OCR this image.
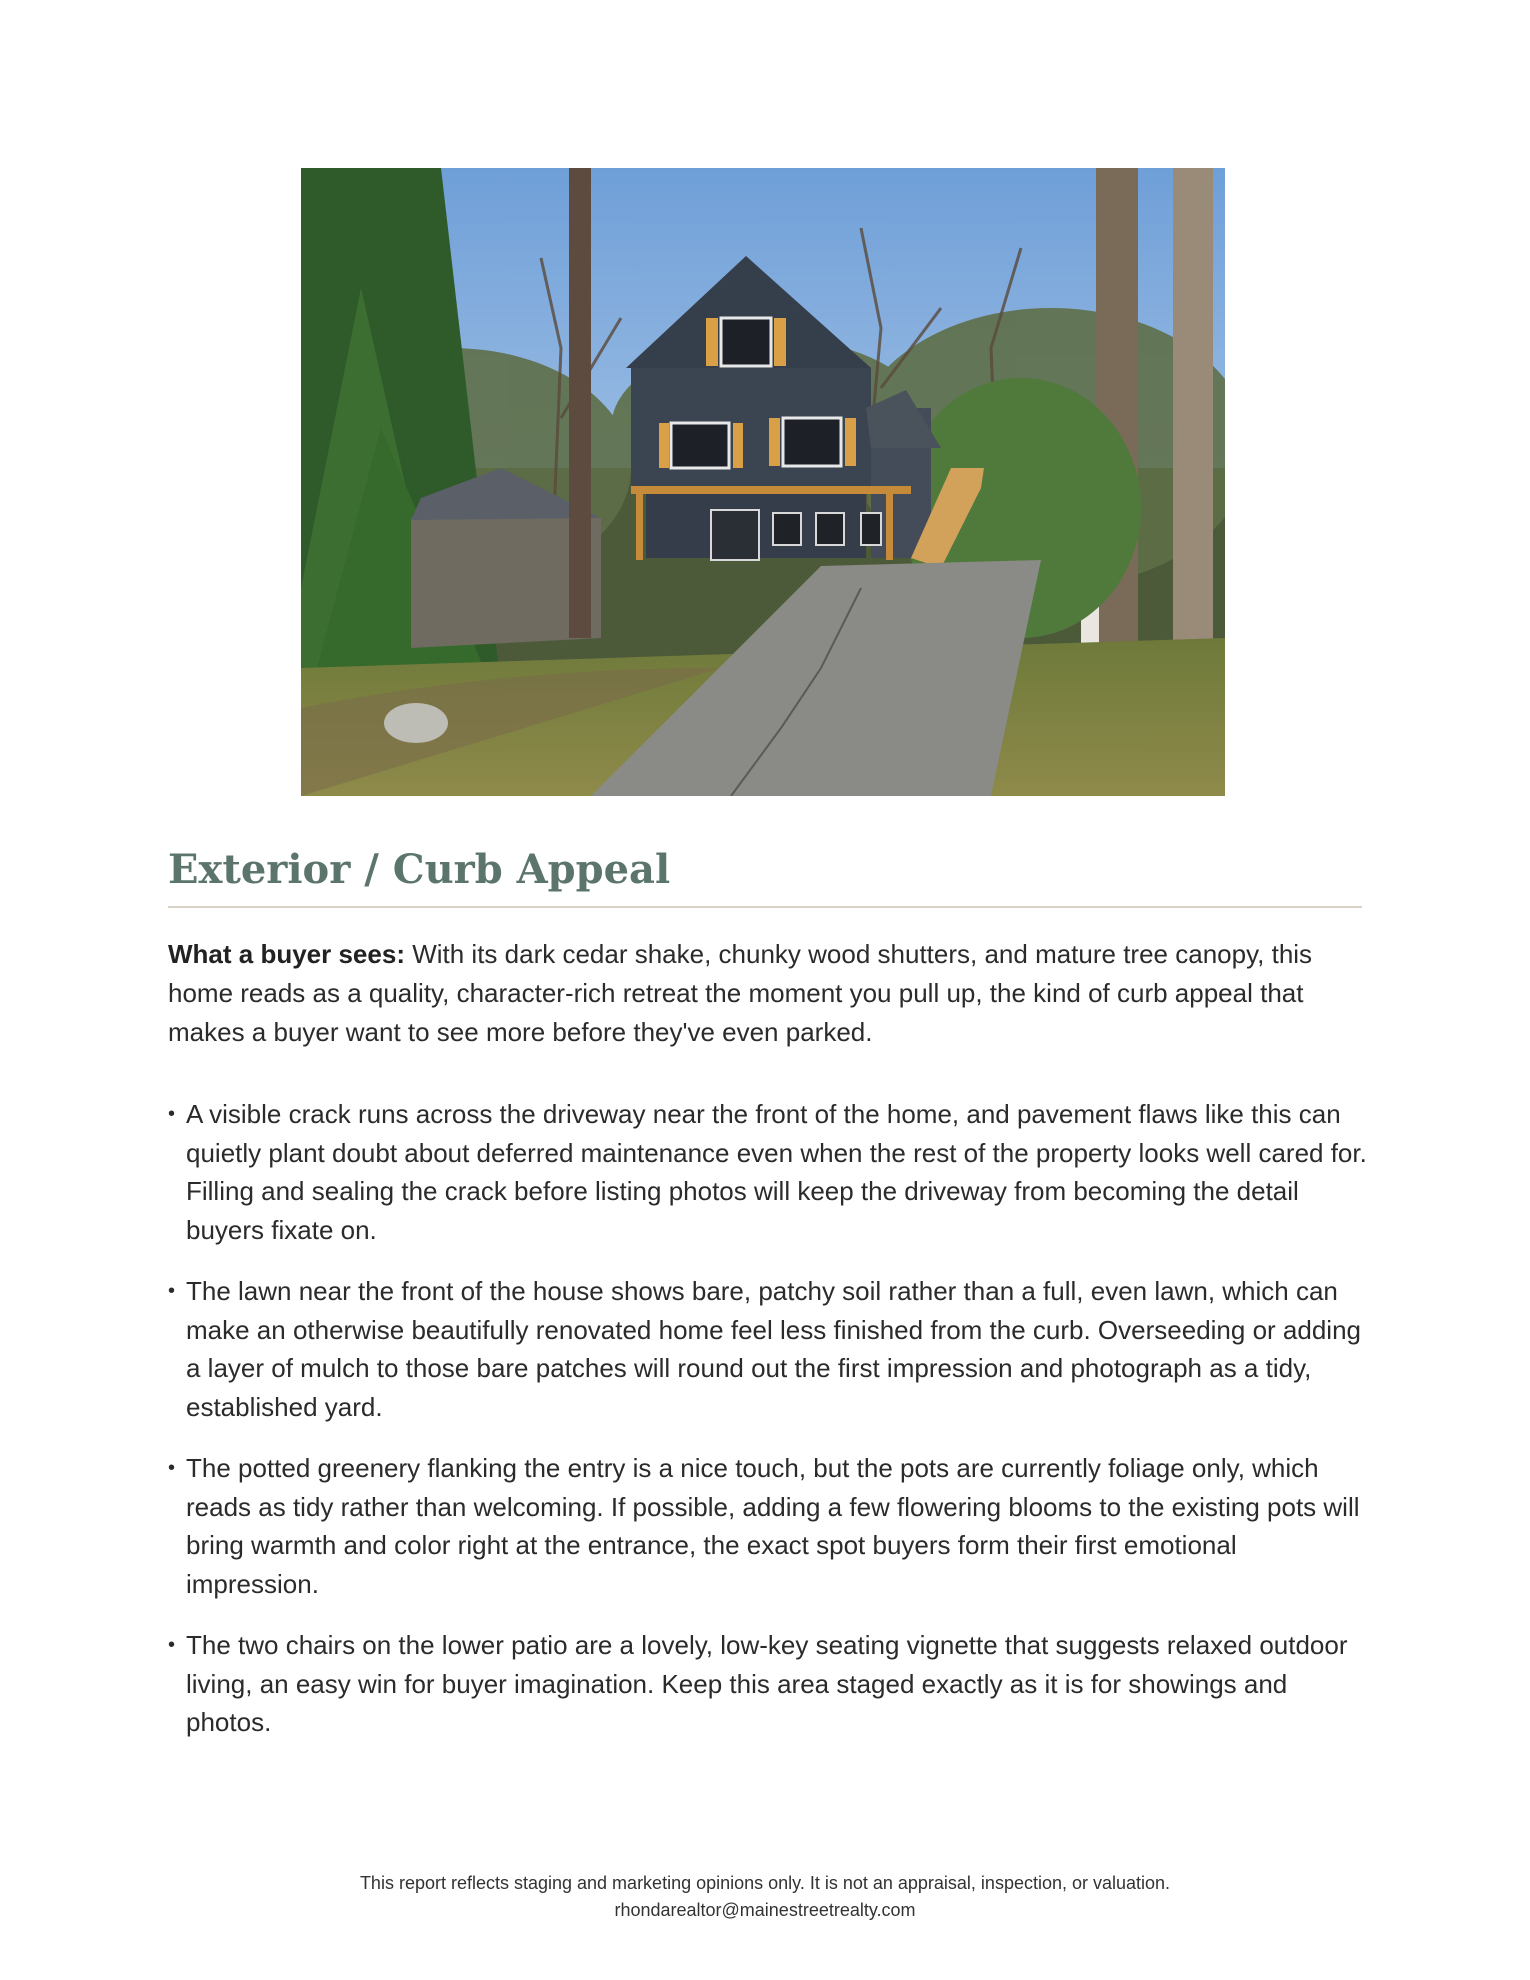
Exterior / Curb Appeal

What a buyer sees: With its dark cedar shake, chunky wood shutters, and mature tree canopy, this home reads as a quality, character-rich retreat the moment you pull up, the kind of curb appeal that makes a buyer want to see more before they've even parked.

• A visible crack runs across the driveway near the front of the home, and pavement flaws like this can quietly plant doubt about deferred maintenance even when the rest of the property looks well cared for. Filling and sealing the crack before listing photos will keep the driveway from becoming the detail buyers fixate on.
• The lawn near the front of the house shows bare, patchy soil rather than a full, even lawn, which can make an otherwise beautifully renovated home feel less finished from the curb. Overseeding or adding a layer of mulch to those bare patches will round out the first impression and photograph as a tidy, established yard.
• The potted greenery flanking the entry is a nice touch, but the pots are currently foliage only, which reads as tidy rather than welcoming. If possible, adding a few flowering blooms to the existing pots will bring warmth and color right at the entrance, the exact spot buyers form their first emotional impression.
• The two chairs on the lower patio are a lovely, low-key seating vignette that suggests relaxed outdoor living, an easy win for buyer imagination. Keep this area staged exactly as it is for showings and photos.
This report reflects staging and marketing opinions only. It is not an appraisal, inspection, or valuation.
rhondarealtor@mainestreetrealty.com
